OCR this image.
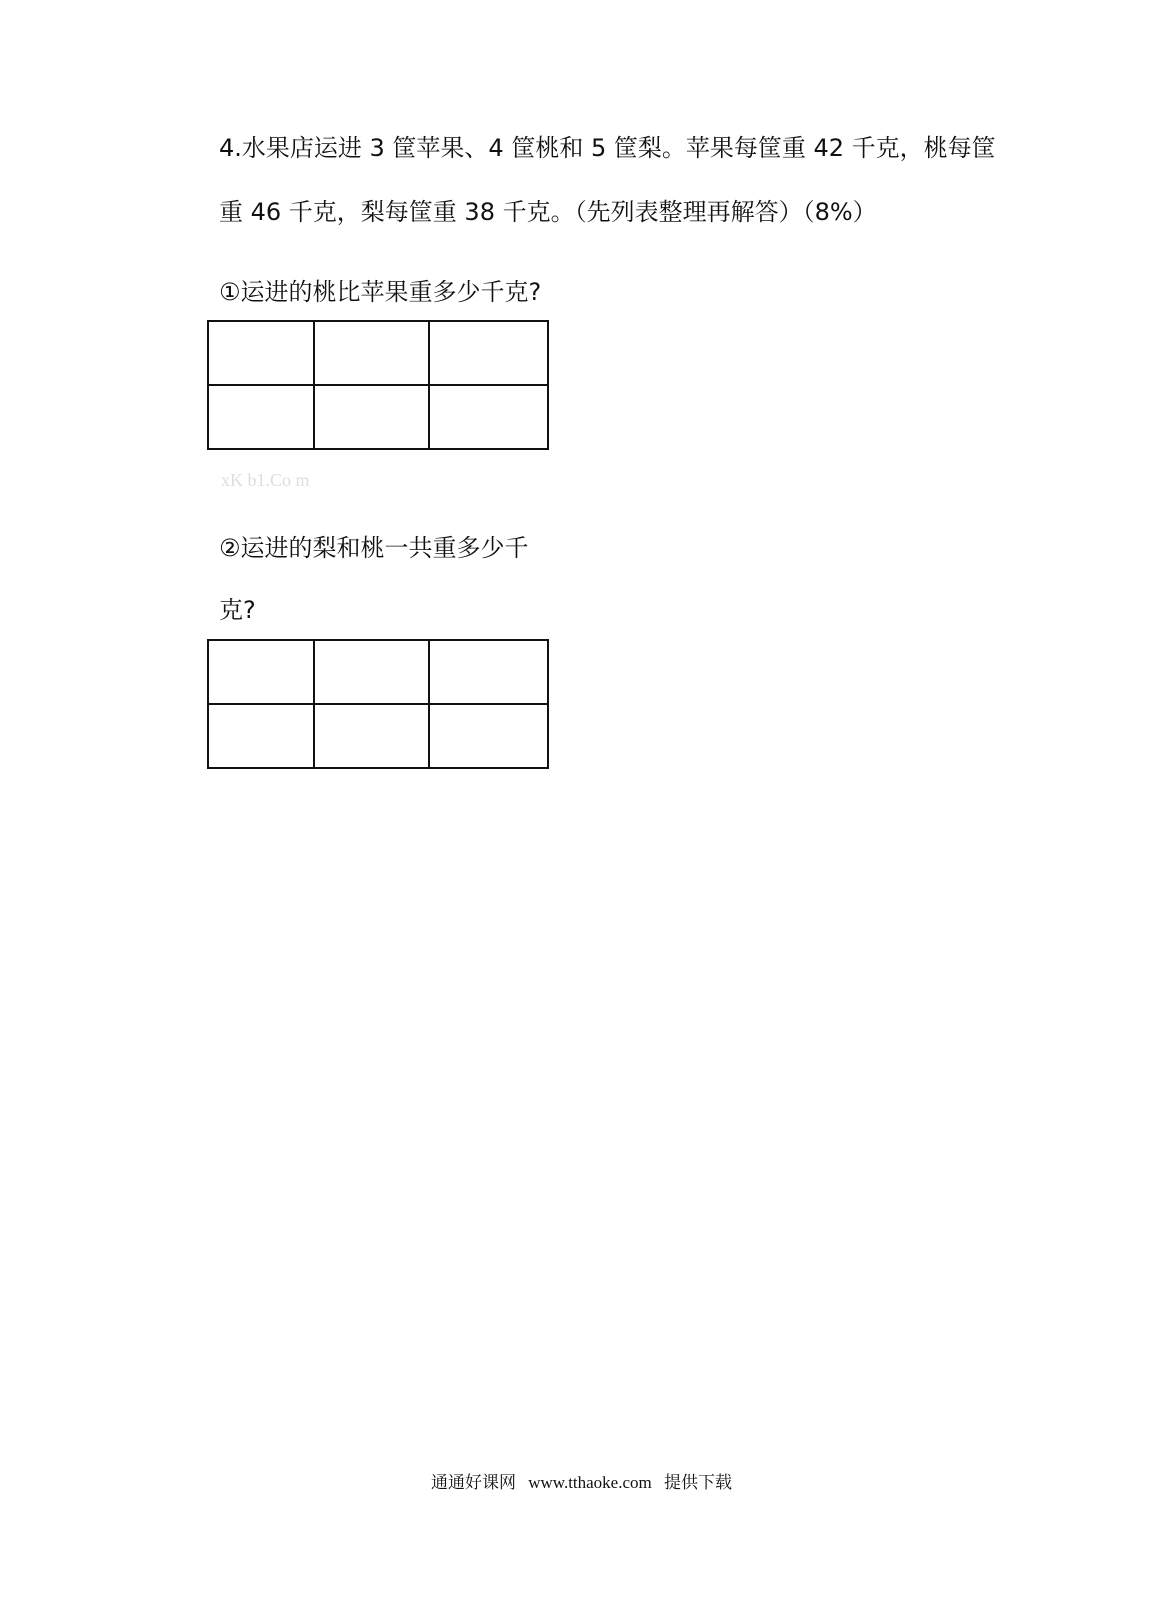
4.水果店运进 3 筐苹果、4 筐桃和 5 筐梨。苹果每筐重 42 千克，桃每筐
重 46 千克，梨每筐重 38 千克。（先列表整理再解答）（8%）
①运进的桃比苹果重多少千克?

xK b1.Co m
②运进的梨和桃一共重多少千
克?

通通好课网 www.tthaoke.com 提供下载
